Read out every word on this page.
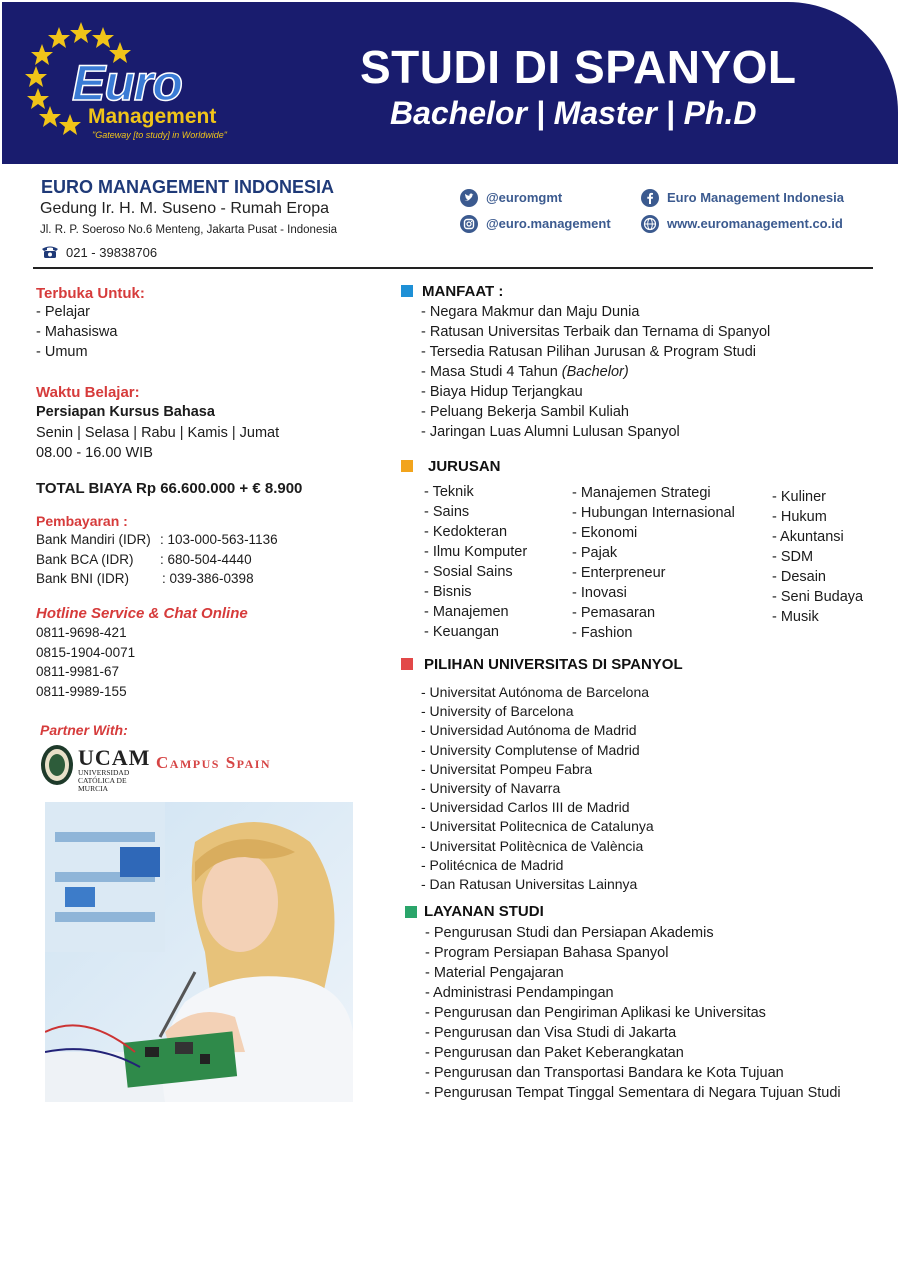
Euro
Management
"Gateway [to study] in Worldwide"
STUDI DI SPANYOL
Bachelor | Master | Ph.D
EURO MANAGEMENT INDONESIA
Gedung Ir. H. M. Suseno - Rumah Eropa
Jl. R. P. Soeroso No.6 Menteng, Jakarta Pusat - Indonesia
021 - 39838706
@euromgmt
@euro.management
Euro Management Indonesia
www.euromanagement.co.id
Terbuka Untuk:
- Pelajar
- Mahasiswa
- Umum
Waktu Belajar:
Persiapan Kursus Bahasa
Senin | Selasa | Rabu | Kamis | Jumat
08.00 - 16.00 WIB
TOTAL BIAYA Rp 66.600.000 + € 8.900
Pembayaran :
Bank Mandiri (IDR) : 103-000-563-1136
Bank BCA (IDR) : 680-504-4440
Bank BNI (IDR) : 039-386-0398
Hotline Service & Chat Online
0811-9698-421
0815-1904-0071
0811-9981-67
0811-9989-155
Partner With:
UCAM
UNIVERSIDAD CATÓLICA DE MURCIA
Campus Spain
MANFAAT :
- Negara Makmur dan Maju Dunia
- Ratusan Universitas Terbaik dan Ternama di Spanyol
- Tersedia Ratusan Pilihan Jurusan & Program Studi
- Masa Studi 4 Tahun (Bachelor)
- Biaya Hidup Terjangkau
- Peluang Bekerja Sambil Kuliah
- Jaringan Luas Alumni Lulusan Spanyol
JURUSAN
- Teknik
- Sains
- Kedokteran
- Ilmu Komputer
- Sosial Sains
- Bisnis
- Manajemen
- Keuangan
- Manajemen Strategi
- Hubungan Internasional
- Ekonomi
- Pajak
- Enterpreneur
- Inovasi
- Pemasaran
- Fashion
- Kuliner
- Hukum
- Akuntansi
- SDM
- Desain
- Seni Budaya
- Musik
PILIHAN UNIVERSITAS DI SPANYOL
- Universitat Autónoma de Barcelona
- University of Barcelona
- Universidad Autónoma de Madrid
- University Complutense of Madrid
- Universitat Pompeu Fabra
- University of Navarra
- Universidad Carlos III de Madrid
- Universitat Politecnica de Catalunya
- Universitat Politècnica de València
- Politécnica de Madrid
- Dan Ratusan Universitas Lainnya
LAYANAN STUDI
- Pengurusan Studi dan Persiapan Akademis
- Program Persiapan Bahasa Spanyol
- Material Pengajaran
- Administrasi Pendampingan
- Pengurusan dan Pengiriman Aplikasi ke Universitas
- Pengurusan dan Visa Studi di Jakarta
- Pengurusan dan Paket Keberangkatan
- Pengurusan dan Transportasi Bandara ke Kota Tujuan
- Pengurusan Tempat Tinggal Sementara di Negara Tujuan Studi
